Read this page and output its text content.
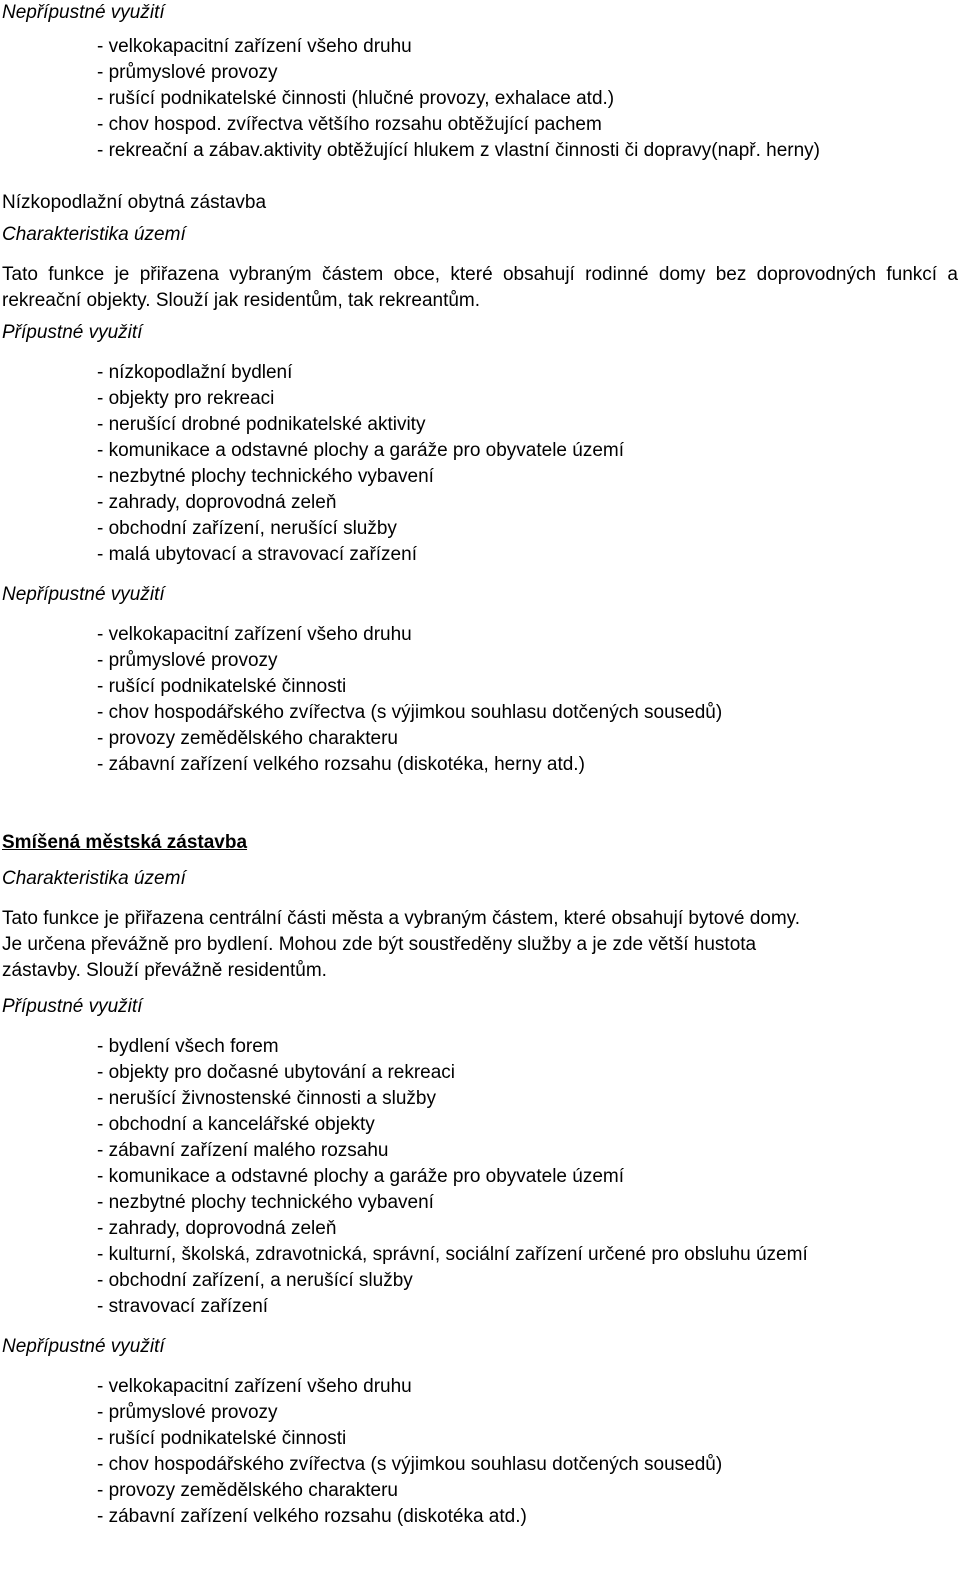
Nepřípustné využití
- velkokapacitní zařízení všeho druhu
- průmyslové provozy
- rušící podnikatelské činnosti (hlučné provozy, exhalace atd.)
- chov hospod. zvířectva většího rozsahu obtěžující pachem
- rekreační a zábav.aktivity obtěžující hlukem z vlastní činnosti či dopravy(např. herny)
Nízkopodlažní obytná zástavba
Charakteristika území

Tato funkce je přiřazena vybraným částem obce, které obsahují rodinné domy bez doprovodných funkcí a rekreační objekty. Slouží jak residentům, tak rekreantům.

Přípustné využití
- nízkopodlažní bydlení
- objekty pro rekreaci
- nerušící drobné podnikatelské aktivity
- komunikace a odstavné plochy a garáže pro obyvatele území
- nezbytné plochy technického vybavení
- zahrady, doprovodná zeleň
- obchodní zařízení, nerušící služby
- malá ubytovací a stravovací zařízení
Nepřípustné využití
- velkokapacitní zařízení všeho druhu
- průmyslové provozy
- rušící podnikatelské činnosti
- chov hospodářského zvířectva (s výjimkou souhlasu dotčených sousedů)
- provozy zemědělského charakteru
- zábavní zařízení velkého rozsahu (diskotéka, herny atd.)
Smíšená městská zástavba
Charakteristika území
Tato funkce je přiřazena centrální části města a vybraným částem, které obsahují bytové domy.
Je určena převážně pro bydlení. Mohou zde být soustředěny služby a je zde větší hustota
zástavby. Slouží převážně residentům.
Přípustné využití
- bydlení všech forem
- objekty pro dočasné ubytování a rekreaci
- nerušící živnostenské činnosti a služby
- obchodní a kancelářské objekty
- zábavní zařízení malého rozsahu
- komunikace a odstavné plochy a garáže pro obyvatele území
- nezbytné plochy technického vybavení
- zahrady, doprovodná zeleň
- kulturní, školská, zdravotnická, správní, sociální zařízení určené pro obsluhu území
- obchodní zařízení, a nerušící služby
- stravovací zařízení
Nepřípustné využití
- velkokapacitní zařízení všeho druhu
- průmyslové provozy
- rušící podnikatelské činnosti
- chov hospodářského zvířectva (s výjimkou souhlasu dotčených sousedů)
- provozy zemědělského charakteru
- zábavní zařízení velkého rozsahu (diskotéka atd.)
